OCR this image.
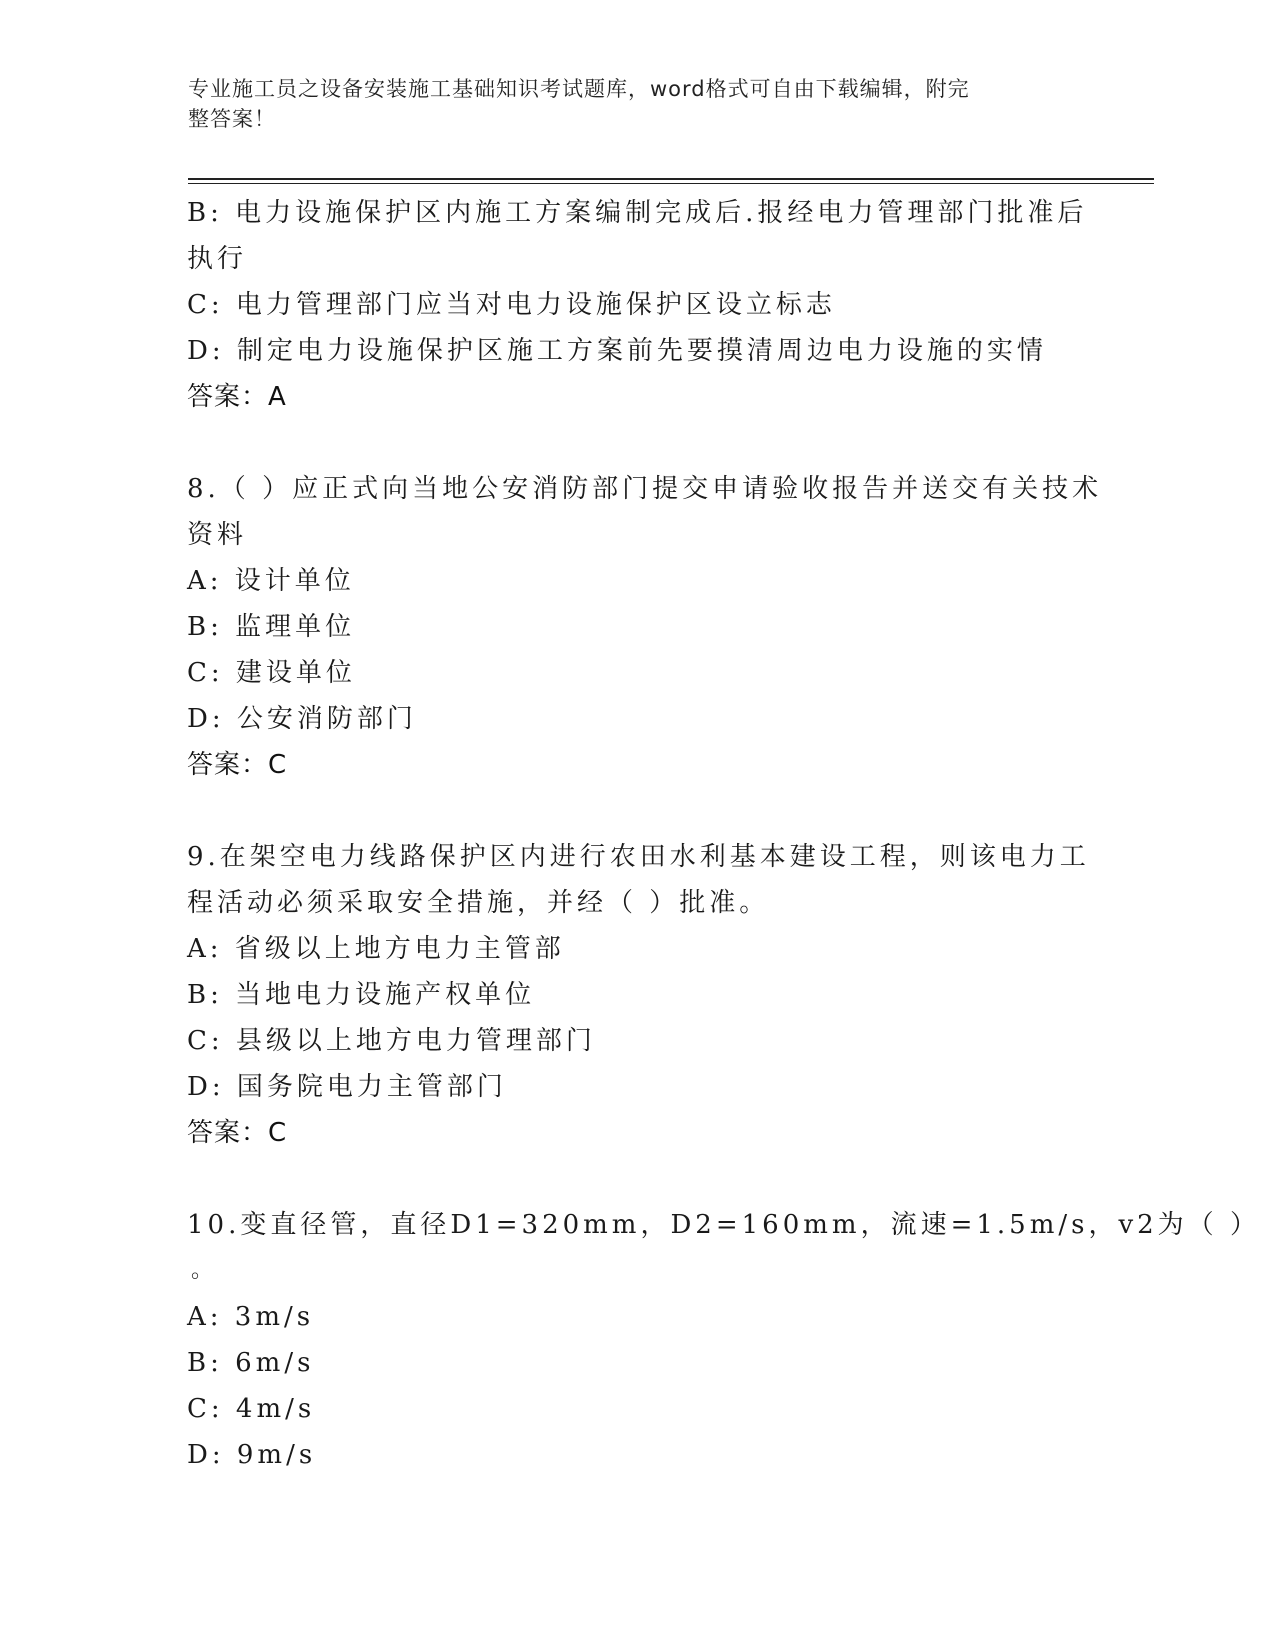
专业施工员之设备安装施工基础知识考试题库，word格式可自由下载编辑，附完
整答案！
B: 电力设施保护区内施工方案编制完成后.报经电力管理部门批准后
执行
C: 电力管理部门应当对电力设施保护区设立标志
D: 制定电力设施保护区施工方案前先要摸清周边电力设施的实情
答案：A
8.（ ）应正式向当地公安消防部门提交申请验收报告并送交有关技术
资料
A: 设计单位
B: 监理单位
C: 建设单位
D: 公安消防部门
答案：C
9.在架空电力线路保护区内进行农田水利基本建设工程，则该电力工
程活动必须采取安全措施，并经（ ）批准。
A: 省级以上地方电力主管部
B: 当地电力设施产权单位
C: 县级以上地方电力管理部门
D: 国务院电力主管部门
答案：C
10.变直径管，直径D1=320mm，D2=160mm，流速=1.5m/s，v2为（ ）
。
A: 3m/s
B: 6m/s
C: 4m/s
D: 9m/s
